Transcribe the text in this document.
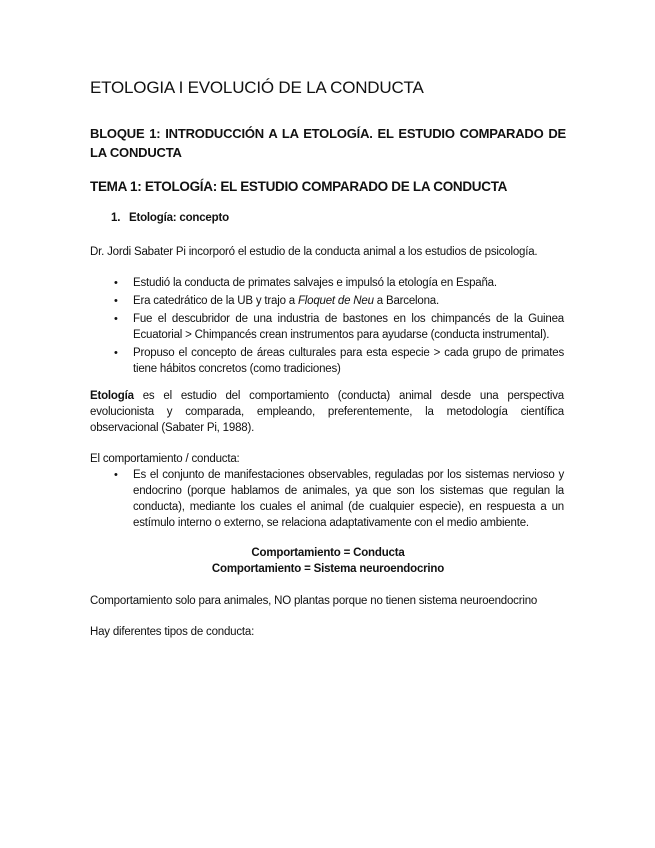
ETOLOGIA I EVOLUCIÓ DE LA CONDUCTA
BLOQUE 1: INTRODUCCIÓN A LA ETOLOGÍA. EL ESTUDIO COMPARADO DE LA CONDUCTA
TEMA 1: ETOLOGÍA: EL ESTUDIO COMPARADO DE LA CONDUCTA
1. Etología: concepto
Dr. Jordi Sabater Pi incorporó el estudio de la conducta animal a los estudios de psicología.
• Estudió la conducta de primates salvajes e impulsó la etología en España.
• Era catedrático de la UB y trajo a Floquet de Neu a Barcelona.
• Fue el descubridor de una industria de bastones en los chimpancés de la Guinea Ecuatorial > Chimpancés crean instrumentos para ayudarse (conducta instrumental).
• Propuso el concepto de áreas culturales para esta especie > cada grupo de primates tiene hábitos concretos (como tradiciones)
Etología es el estudio del comportamiento (conducta) animal desde una perspectiva evolucionista y comparada, empleando, preferentemente, la metodología científica observacional (Sabater Pi, 1988).
El comportamiento / conducta:
• Es el conjunto de manifestaciones observables, reguladas por los sistemas nervioso y endocrino (porque hablamos de animales, ya que son los sistemas que regulan la conducta), mediante los cuales el animal (de cualquier especie), en respuesta a un estímulo interno o externo, se relaciona adaptativamente con el medio ambiente.
Comportamiento = Conducta
Comportamiento = Sistema neuroendocrino
Comportamiento solo para animales, NO plantas porque no tienen sistema neuroendocrino
Hay diferentes tipos de conducta:
